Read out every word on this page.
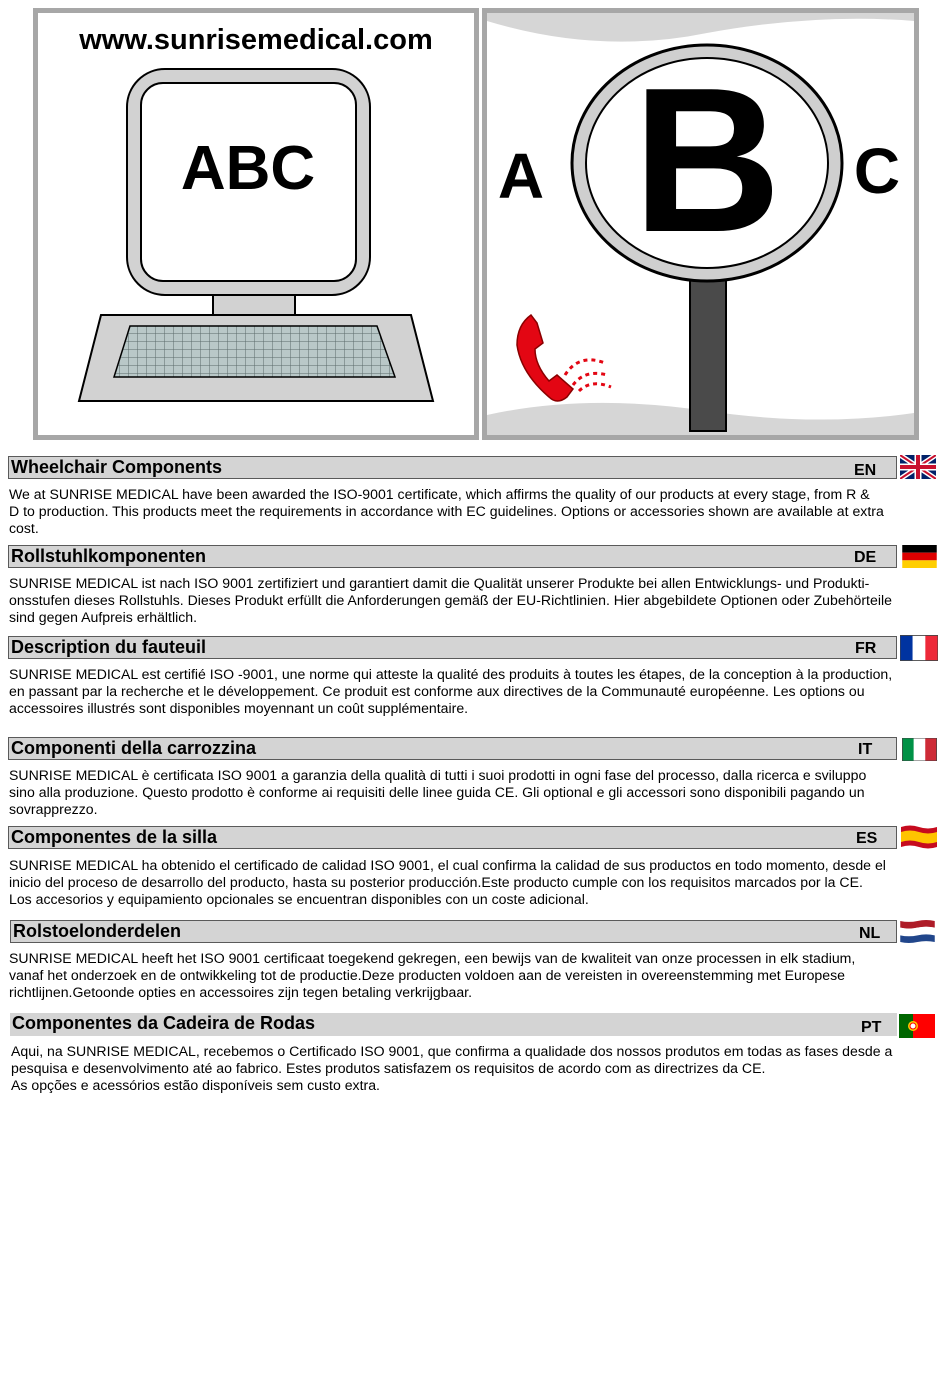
www.sunrisemedical.com
ABC	A	C
B
Wheelchair Components	EN

We at SUNRISE MEDICAL have been awarded the ISO-9001 certificate, which affirms the quality of our products at every stage, from R &
D to production. This products meet the requirements in accordance with EC guidelines. Options or accessories shown are available at extra
cost.

Rollstuhlkomponenten	DE

SUNRISE MEDICAL ist nach ISO 9001 zertifiziert und garantiert damit die Qualität unserer Produkte bei allen Entwicklungs- und Produkti-
onsstufen dieses Rollstuhls. Dieses Produkt erfüllt die Anforderungen gemäß der EU-Richtlinien. Hier abgebildete Optionen oder Zubehörteile
sind gegen Aufpreis erhältlich.

Description du fauteuil	FR

SUNRISE MEDICAL est certifié ISO -9001, une norme qui atteste la qualité des produits à toutes les étapes, de la conception à la production,
en passant par la recherche et le développement. Ce produit est conforme aux directives de la Communauté européenne. Les options ou
accessoires illustrés sont disponibles moyennant un coût supplémentaire.

Componenti della carrozzina	IT

SUNRISE MEDICAL è certificata ISO 9001 a garanzia della qualità di tutti i suoi prodotti in ogni fase del processo, dalla ricerca e sviluppo
sino alla produzione. Questo prodotto è conforme ai requisiti delle linee guida CE. Gli optional e gli accessori sono disponibili pagando un
sovrapprezzo.

Componentes de la silla	ES

SUNRISE MEDICAL ha obtenido el certificado de calidad ISO 9001, el cual confirma la calidad de sus productos en todo momento, desde el
inicio del proceso de desarrollo del producto, hasta su posterior producción.Este producto cumple con los requisitos marcados por la CE.
Los accesorios y equipamiento opcionales se encuentran disponibles con un coste adicional.

Rolstoelonderdelen	NL

SUNRISE MEDICAL heeft het ISO 9001 certificaat toegekend gekregen, een bewijs van de kwaliteit van onze processen in elk stadium,
vanaf het onderzoek en de ontwikkeling tot de productie.Deze producten voldoen aan de vereisten in overeenstemming met Europese
richtlijnen.Getoonde opties en accessoires zijn tegen betaling verkrijgbaar.

Componentes da Cadeira de Rodas	PT

Aqui, na SUNRISE MEDICAL, recebemos o Certificado ISO 9001, que confirma a qualidade dos nossos produtos em todas as fases desde a
pesquisa e desenvolvimento até ao fabrico. Estes produtos satisfazem os requisitos de acordo com as directrizes da CE.
As opções e acessórios estão disponíveis sem custo extra.
